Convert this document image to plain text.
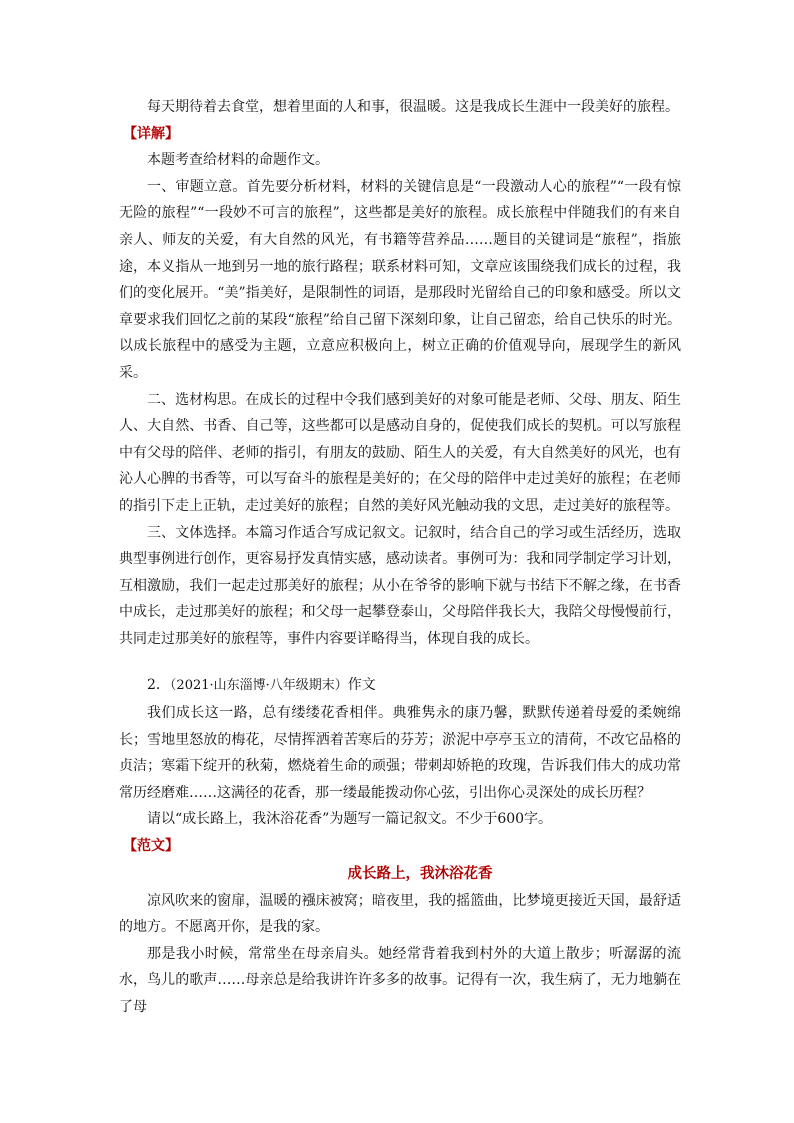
每天期待着去食堂，想着里面的人和事，很温暖。这是我成长生涯中一段美好的旅程。

【详解】

本题考查给材料的命题作文。

一、审题立意。首先要分析材料，材料的关键信息是“一段激动人心的旅程”“一段有惊无险的旅程”“一段妙不可言的旅程”，这些都是美好的旅程。成长旅程中伴随我们的有来自亲人、师友的关爱，有大自然的风光，有书籍等营养品……题目的关键词是“旅程”，指旅途，本义指从一地到另一地的旅行路程；联系材料可知，文章应该围绕我们成长的过程，我们的变化展开。“美”指美好，是限制性的词语，是那段时光留给自己的印象和感受。所以文章要求我们回忆之前的某段“旅程”给自己留下深刻印象，让自己留恋，给自己快乐的时光。以成长旅程中的感受为主题，立意应积极向上，树立正确的价值观导向，展现学生的新风采。

二、选材构思。在成长的过程中令我们感到美好的对象可能是老师、父母、朋友、陌生人、大自然、书香、自己等，这些都可以是感动自身的，促使我们成长的契机。可以写旅程中有父母的陪伴、老师的指引，有朋友的鼓励、陌生人的关爱，有大自然美好的风光，也有沁人心脾的书香等，可以写奋斗的旅程是美好的；在父母的陪伴中走过美好的旅程；在老师的指引下走上正轨，走过美好的旅程；自然的美好风光触动我的文思，走过美好的旅程等。

三、文体选择。本篇习作适合写成记叙文。记叙时，结合自己的学习或生活经历，选取典型事例进行创作，更容易抒发真情实感，感动读者。事例可为：我和同学制定学习计划，互相激励，我们一起走过那美好的旅程；从小在爷爷的影响下就与书结下不解之缘，在书香中成长，走过那美好的旅程；和父母一起攀登泰山，父母陪伴我长大，我陪父母慢慢前行，共同走过那美好的旅程等，事件内容要详略得当，体现自我的成长。

2．（2021·山东淄博·八年级期末）作文

我们成长这一路，总有缕缕花香相伴。典雅隽永的康乃馨，默默传递着母爱的柔婉绵长；雪地里怒放的梅花，尽情挥洒着苦寒后的芬芳；淤泥中亭亭玉立的清荷，不改它品格的贞洁；寒霜下绽开的秋菊，燃烧着生命的顽强；带刺却娇艳的玫瑰，告诉我们伟大的成功常常历经磨难……这满径的花香，那一缕最能拨动你心弦，引出你心灵深处的成长历程？

请以“成长路上，我沐浴花香”为题写一篇记叙文。不少于600字。

【范文】

成长路上，我沐浴花香

凉风吹来的窗扉，温暖的襁床被窝；暗夜里，我的摇篮曲，比梦境更接近天国，最舒适的地方。不愿离开你，是我的家。

那是我小时候，常常坐在母亲肩头。她经常背着我到村外的大道上散步；听潺潺的流水，鸟儿的歌声……母亲总是给我讲许许多多的故事。记得有一次，我生病了，无力地躺在了母
